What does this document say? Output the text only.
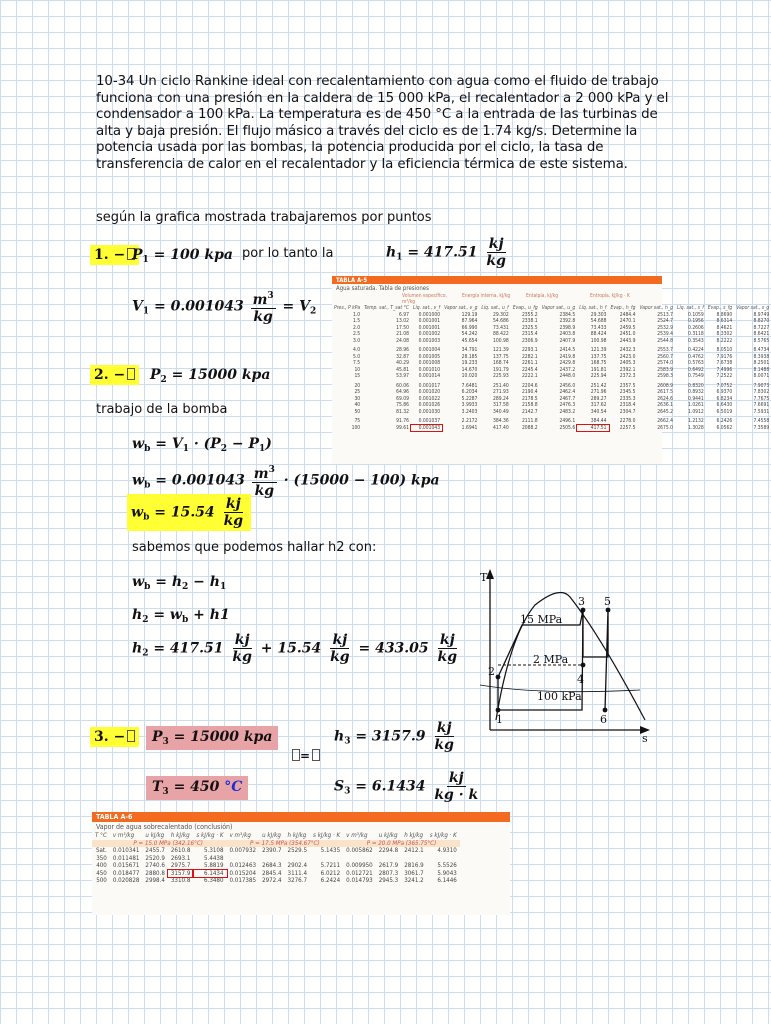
10-34 Un ciclo Rankine ideal con recalentamiento con agua como el fluido de trabajo funciona con una presión en la caldera de 15 000 kPa, el recalentador a 2 000 kPa y el condensador a 100 kPa. La temperatura es de 450 °C a la entrada de las turbinas de alta y baja presión. El flujo másico a través del ciclo es de 1.74 kg/s. Determine la potencia usada por las bombas, la potencia producida por el ciclo, la tasa de transferencia de calor en el recalentador y la eficiencia térmica de este sistema.
según la grafica mostrada trabajaremos por puntos
1. − $P_1 = 100$ kpa por lo tanto la	$h_1 = 417.51 \frac{kj}{kg}$
$V_1 = 0.001043 \frac{m^3}{kg} = V_2$
2. −	$P_2 = 15000$ kpa
trabajo de la bomba
$w_b = V_1 \cdot (P_2 - P_1)$
$w_b = 0.001043 \frac{m^3}{kg} \cdot (15000 - 100)$ kpa
$w_b = 15.54 \frac{kj}{kg}$
sabemos que podemos hallar h2 con:
$w_b = h_2 - h_1$
$h_2 = w_b + h1$
$h_2 = 417.51 \frac{kj}{kg} + 15.54 \frac{kj}{kg} = 433.05 \frac{kj}{kg}$
3. −	$P_3 = 15000$ kpa
=
$h_3 = 3157.9 \frac{kj}{kg}$
$T_3 = 450$ °C	$S_3 = 6.1434 \frac{kj}{kg \cdot k}$
TABLA A-5
Agua saturada. Tabla de presiones
Volumen específico, m³/kg
Energía interna, kJ/kg	Entalpía, kJ/kg	Entropía, kJ/kg · K
Pres., P kPa	Temp. sat., T_sat °C	Líq. sat., v_f	Vapor sat., v_g	Líq. sat., u_f	Evap., u_fg	Vapor sat., u_g	Líq. sat., h_f	Evap., h_fg	Vapor sat., h_g	Líq. sat., s_f	Evap., s_fg	Vapor sat., s_g
1.0	6.97	0.001000	129.19	29.302	2355.2	2384.5	29.303	2484.4	2513.7	0.1059	8.8690	8.9749
1.5	13.02	0.001001	87.964	54.686	2338.1	2392.8	54.688	2470.1	2524.7	0.1956	8.6314	8.8270
2.0	17.50	0.001001	66.990	73.431	2325.5	2398.9	73.433	2459.5	2532.9	0.2606	8.4621	8.7227
2.5	21.08	0.001002	54.242	88.422	2315.4	2403.8	88.424	2451.0	2539.4	0.3118	8.3302	8.6421
3.0	24.08	0.001003	45.654	100.98	2306.9	2407.9	100.98	2443.9	2544.8	0.3543	8.2222	8.5765

4.0	28.96	0.001004	34.791	121.39	2293.1	2414.5	121.39	2432.3	2553.7	0.4224	8.0510	8.4734
5.0	32.87	0.001005	28.185	137.75	2282.1	2419.8	137.75	2423.0	2560.7	0.4762	7.9176	8.3938
7.5	40.29	0.001008	19.233	168.74	2261.1	2429.8	168.75	2405.3	2574.0	0.5763	7.6738	8.2501
10	45.81	0.001010	14.670	191.79	2245.4	2437.2	191.81	2392.1	2583.9	0.6492	7.4996	8.1488
15	53.97	0.001014	10.020	225.93	2222.1	2448.0	225.94	2372.3	2598.3	0.7549	7.2522	8.0071

20	60.06	0.001017	7.6481	251.40	2204.6	2456.0	251.42	2357.5	2608.9	0.8320	7.0752	7.9073
25	64.96	0.001020	6.2034	271.93	2190.4	2462.4	271.96	2345.5	2617.5	0.8932	6.9370	7.8302
30	69.09	0.001022	5.2287	289.24	2178.5	2467.7	289.27	2335.3	2624.6	0.9441	6.8234	7.7675
40	75.86	0.001026	3.9933	317.58	2158.8	2476.3	317.62	2318.4	2636.1	1.0261	6.6430	7.6691
50	81.32	0.001030	3.2403	340.49	2142.7	2483.2	340.54	2304.7	2645.2	1.0912	6.5019	7.5931

75	91.76	0.001037	2.2172	384.36	2111.8	2496.1	384.44	2278.0	2662.4	1.2132	6.2426	7.4558
100	99.61	0.001043	1.6941	417.40	2088.2	2505.6	417.51	2257.5	2675.0	1.3028	6.0562	7.3589
TABLA A-6
Vapor de agua sobrecalentado (conclusión)
T °C	v m³/kg	u kJ/kg	h kJ/kg	s kJ/kg · K	v m³/kg	u kJ/kg	h kJ/kg	s kJ/kg · K	v m³/kg	u kJ/kg	h kJ/kg	s kJ/kg · K
	P = 15.0 MPa (342.16°C)				P = 17.5 MPa (354.67°C)				P = 20.0 MPa (365.75°C)			
Sat.	0.010341	2455.7	2610.8	5.3108	0.007932	2390.7	2529.5	5.1435	0.005862	2294.8	2412.1	4.9310
350	0.011481	2520.9	2693.1	5.4438								
400	0.015671	2740.6	2975.7	5.8819	0.012463	2684.3	2902.4	5.7211	0.009950	2617.9	2816.9	5.5526
450	0.018477	2880.8	3157.9	6.1434	0.015204	2845.4	3111.4	6.0212	0.012721	2807.3	3061.7	5.9043
500	0.020828	2998.4	3310.8	6.3480	0.017385	2972.4	3276.7	6.2424	0.014793	2945.3	3241.2	6.1446
T
s
1
2
3
4
5
6
15 MPa
2 MPa
100 kPa
